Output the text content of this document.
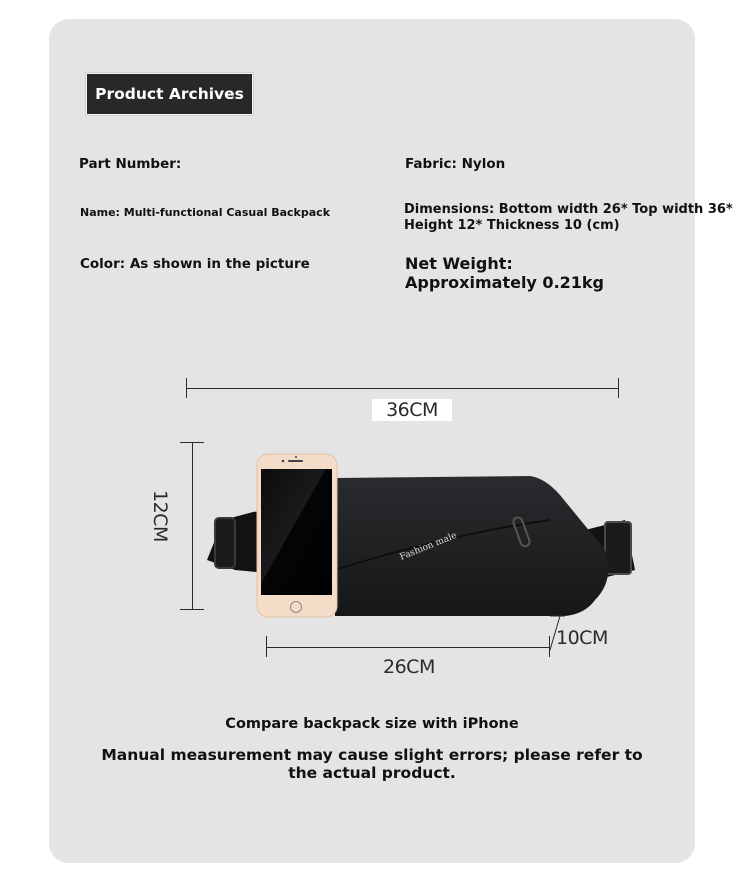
Product Archives
Part Number:
Name: Multi-functional Casual Backpack
Color: As shown in the picture
Fabric: Nylon
Dimensions: Bottom width 26* Top width 36*
Height 12* Thickness 10 (cm)
Net Weight:
Approximately 0.21kg
36CM
12CM
Fashion male
26CM
10CM
Compare backpack size with iPhone
Manual measurement may cause slight errors; please refer to the actual product.
